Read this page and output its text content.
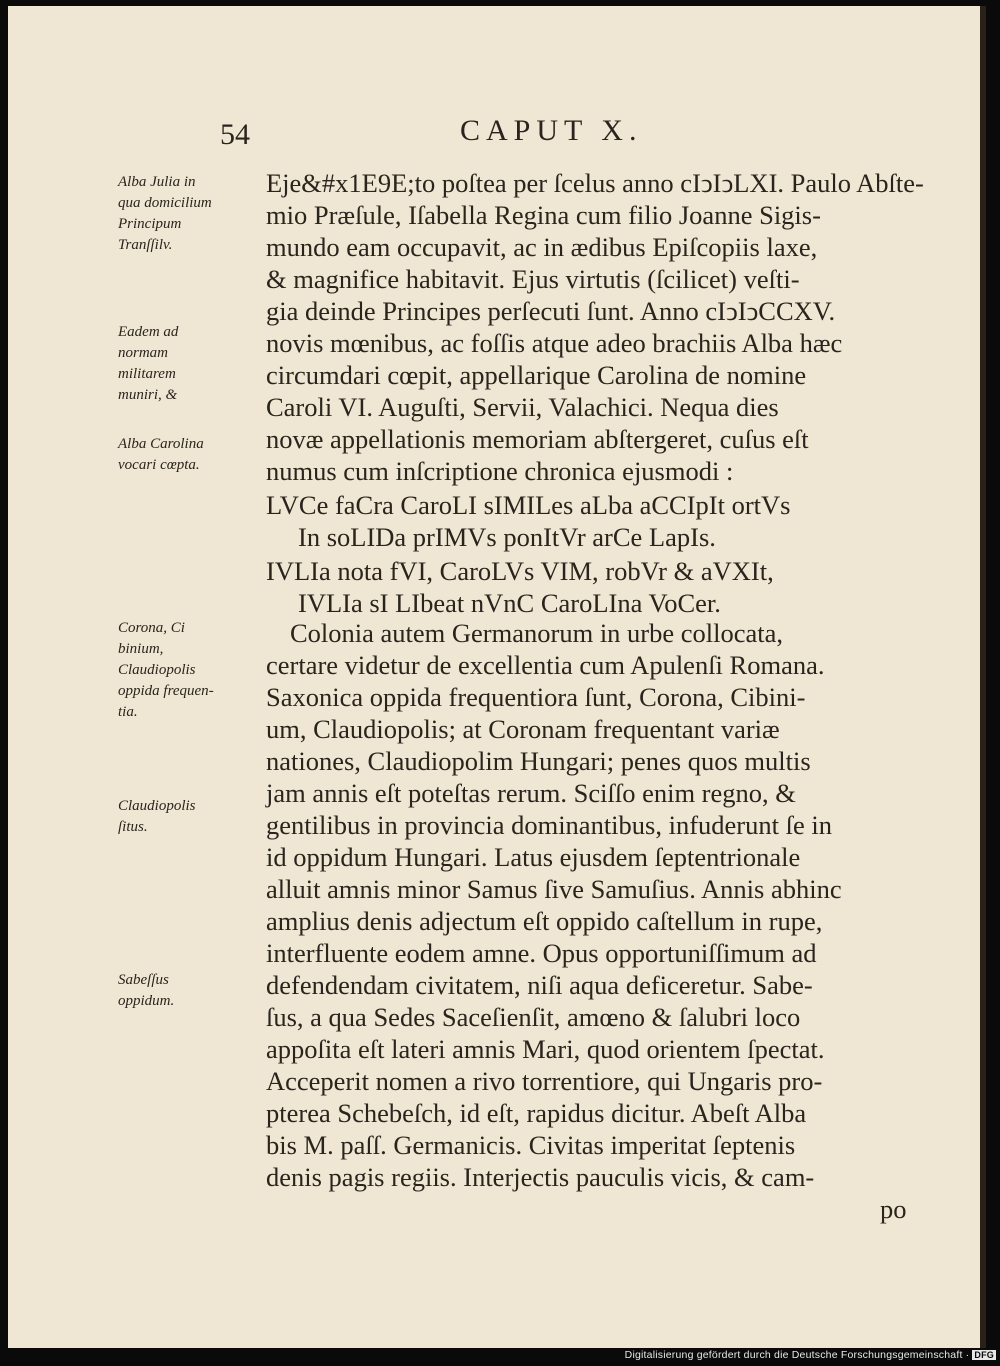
54	CAPUT X.
Alba Julia in qua domicilium Principum Tranſſilv.
Eadem ad normam militarem muniri, &
Alba Carolina vocari cœpta.
Corona, Ci binium, Claudiopolis oppida frequentia.
Claudiopolis ſitus.
Sabeſſus oppidum.
Eje&#x1E9E;to poſtea per ſcelus anno cIↄIↄLXI. Paulo Abſte-
mio Præſule, Iſabella Regina cum filio Joanne Sigis-
mundo eam occupavit, ac in ædibus Epiſcopiis laxe,
& magnifice habitavit. Ejus virtutis (ſcilicet) veſti-
gia deinde Principes perſecuti ſunt. Anno cIↄIↄCCXV.
novis mœnibus, ac foſſis atque adeo brachiis Alba hæc
circumdari cœpit, appellarique Carolina de nomine
Caroli VI. Auguſti, Servii, Valachici. Nequa dies
novæ appellationis memoriam abſtergeret, cuſus eſt
numus cum inſcriptione chronica ejusmodi :
LVCe faCra CaroLI sIMILes aLba aCCIpIt ortVs
In soLIDa prIMVs ponItVr arCe LapIs.
IVLIa nota fVI, CaroLVs VIM, robVr & aVXIt,
IVLIa sI LIbeat nVnC CaroLIna VoCer.
Colonia autem Germanorum in urbe collocata,
certare videtur de excellentia cum Apulenſi Romana.
Saxonica oppida frequentiora ſunt, Corona, Cibini-
um, Claudiopolis; at Coronam frequentant variæ
nationes, Claudiopolim Hungari; penes quos multis
jam annis eſt poteſtas rerum. Sciſſo enim regno, &
gentilibus in provincia dominantibus, infuderunt ſe in
id oppidum Hungari. Latus ejusdem ſeptentrionale
alluit amnis minor Samus ſive Samuſius. Annis abhinc
amplius denis adjectum eſt oppido caſtellum in rupe,
interfluente eodem amne. Opus opportuniſſimum ad
defendendam civitatem, niſi aqua deficeretur. Sabe-
ſus, a qua Sedes Saceſienſit, amœno & ſalubri loco
appoſita eſt lateri amnis Mari, quod orientem ſpectat.
Acceperit nomen a rivo torrentiore, qui Ungaris pro-
pterea Schebeſch, id eſt, rapidus dicitur. Abeſt Alba
bis M. paſſ. Germanicis. Civitas imperitat ſeptenis
denis pagis regiis. Interjectis pauculis vicis, & cam-
po
Digitalisierung gefördert durch die Deutsche Forschungsgemeinschaft · DFG
